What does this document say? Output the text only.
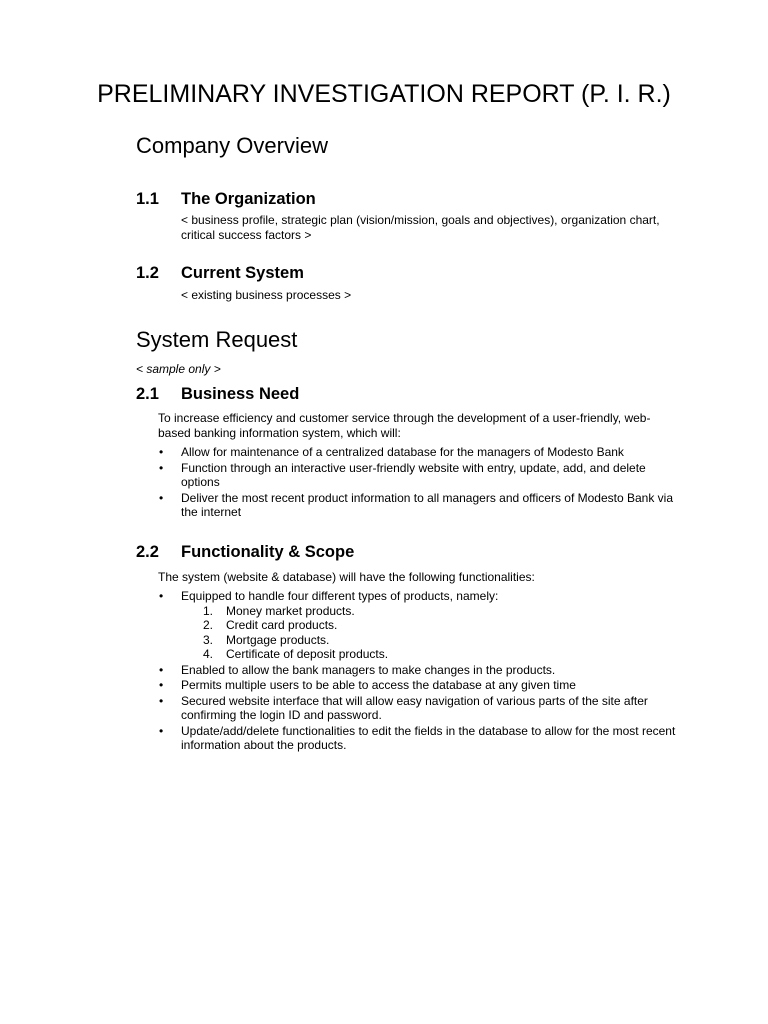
PRELIMINARY INVESTIGATION REPORT (P. I. R.)
Company Overview
1.1 The Organization
< business profile, strategic plan (vision/mission, goals and objectives), organization chart, critical success factors >
1.2 Current System
< existing business processes >
System Request
< sample only >
2.1 Business Need
To increase efficiency and customer service through the development of a user-friendly, web-based banking information system, which will:
• Allow for maintenance of a centralized database for the managers of Modesto Bank
• Function through an interactive user-friendly website with entry, update, add, and delete options
• Deliver the most recent product information to all managers and officers of Modesto Bank via the internet
2.2 Functionality & Scope
The system (website & database) will have the following functionalities:
• Equipped to handle four different types of products, namely:
1. Money market products.
2. Credit card products.
3. Mortgage products.
4. Certificate of deposit products.
• Enabled to allow the bank managers to make changes in the products.
• Permits multiple users to be able to access the database at any given time
• Secured website interface that will allow easy navigation of various parts of the site after confirming the login ID and password.
• Update/add/delete functionalities to edit the fields in the database to allow for the most recent information about the products.
